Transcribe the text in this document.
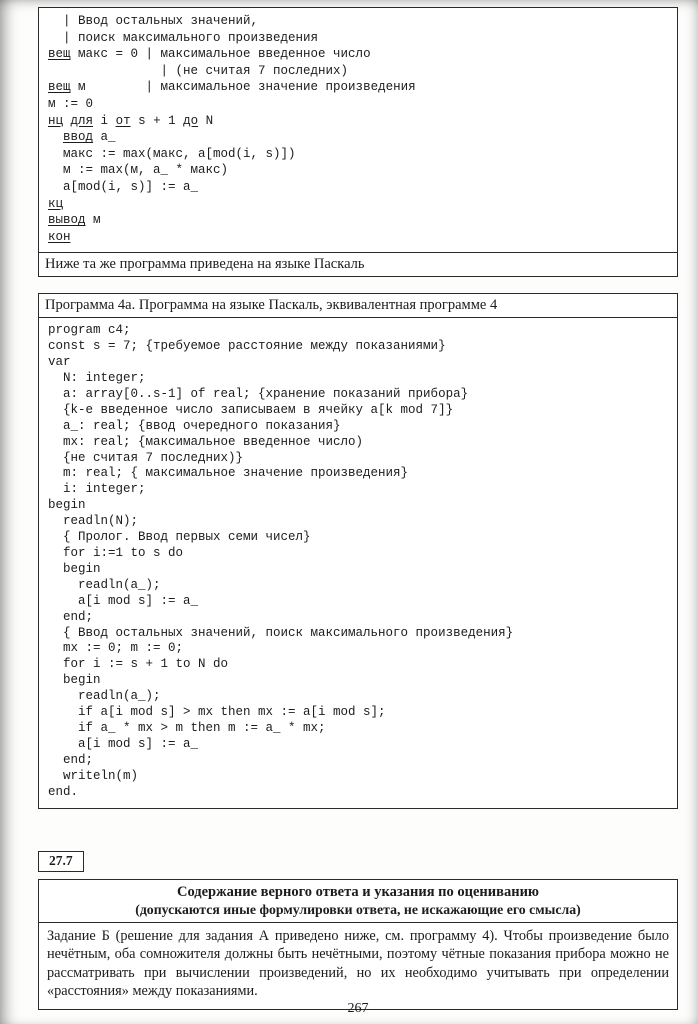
| Ввод остальных значений,
| поиск максимального произведения
вещ макс = 0 | максимальное введенное число
| (не считая 7 последних)
вещ м        | максимальное значение произведения
м := 0
нц для i от s + 1 до N
ввод а_
макс := max(макс, a[mod(i, s)])
м := max(м, а_ * макс)
a[mod(i, s)] := а_
кц
вывод м
кон
Ниже та же программа приведена на языке Паскаль
Программа 4а. Программа на языке Паскаль, эквивалентная программе 4
program c4;
const s = 7; {требуемое расстояние между показаниями}
var
N: integer;
a: array[0..s-1] of real; {хранение показаний прибора}
{k-е введенное число записываем в ячейку a[k mod 7]}
a_: real; {ввод очередного показания}
mx: real; {максимальное введенное число)
{не считая 7 последних)}
m: real; { максимальное значение произведения}
i: integer;
begin
readln(N);
{ Пролог. Ввод первых семи чисел}
for i:=1 to s do
begin
readln(a_);
a[i mod s] := a_
end;
{ Ввод остальных значений, поиск максимального произведения}
mx := 0; m := 0;
for i := s + 1 to N do
begin
readln(a_);
if a[i mod s] > mx then mx := a[i mod s];
if a_ * mx > m then m := a_ * mx;
a[i mod s] := a_
end;
writeln(m)
end.
27.7
Содержание верного ответа и указания по оцениванию
(допускаются иные формулировки ответа, не искажающие его смысла)
Задание Б (решение для задания А приведено ниже, см. программу 4). Чтобы произведение было нечётным, оба сомножителя должны быть нечётными, поэтому чётные показания прибора можно не рассматривать при вычислении произведений, но их необходимо учитывать при определении «расстояния» между показаниями.
267
